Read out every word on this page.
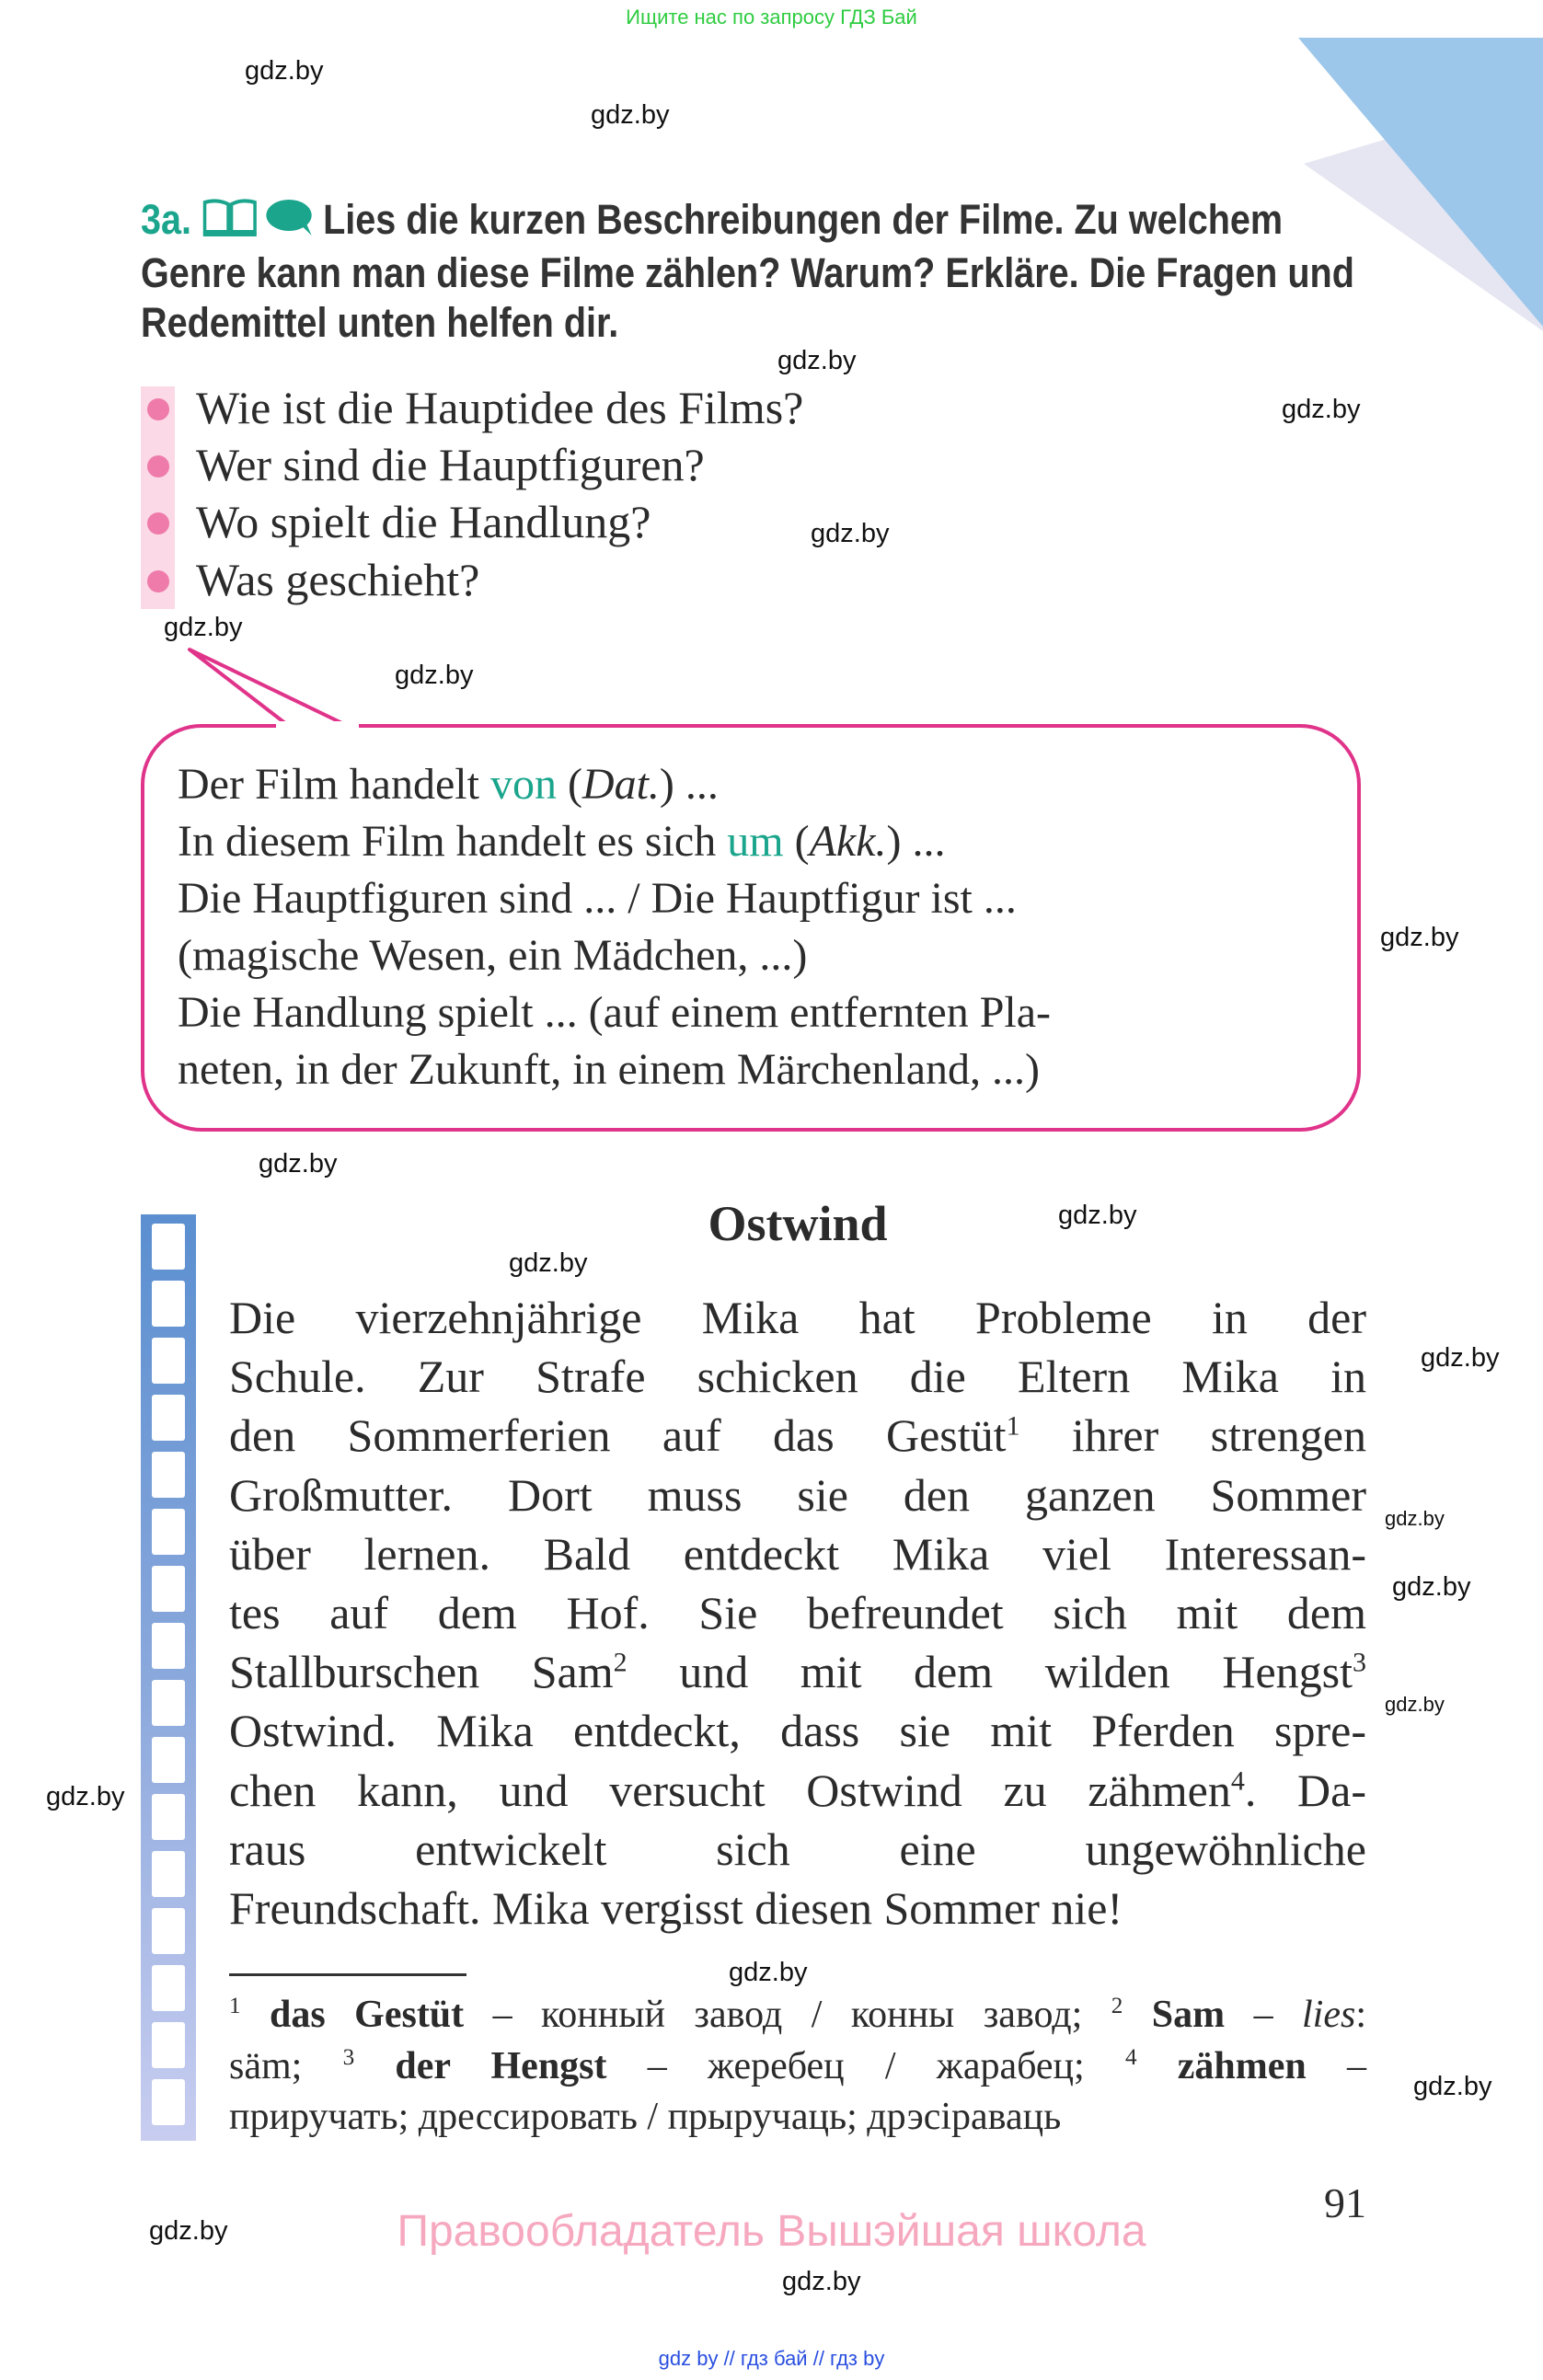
Ищите нас по запросу ГДЗ Бай
3a.	Lies die kurzen Beschreibungen der Filme. Zu welchem Genre kann man diese Filme zählen? Warum? Erkläre. Die Fragen und Redemittel unten helfen dir.
Wie ist die Hauptidee des Films?
Wer sind die Hauptfiguren?
Wo spielt die Handlung?
Was geschieht?
Der Film handelt von (Dat.) ...
In diesem Film handelt es sich um (Akk.) ...
Die Hauptfiguren sind ... / Die Hauptfigur ist ...
(magische Wesen, ein Mädchen, ...)
Die Handlung spielt ... (auf einem entfernten Pla-
neten, in der Zukunft, in einem Märchenland, ...)
Ostwind
Die vierzehnjährige Mika hat Probleme in der
Schule. Zur Strafe schicken die Eltern Mika in
den Sommerferien auf das Gestüt$^1$ ihrer strengen
Großmutter. Dort muss sie den ganzen Sommer
über lernen. Bald entdeckt Mika viel Interessan-
tes auf dem Hof. Sie befreundet sich mit dem
Stallburschen Sam$^2$ und mit dem wilden Hengst$^3$
Ostwind. Mika entdeckt, dass sie mit Pferden spre-
chen kann, und versucht Ostwind zu zähmen$^4$. Da-
raus entwickelt sich eine ungewöhnliche
Freundschaft. Mika vergisst diesen Sommer nie!
$^1$ das Gestüt – конный завод / конны завод; $^2$ Sam – lies:
säm; $^3$ der Hengst – жеребец / жарабец; $^4$ zähmen –
приручать; дрессировать / прыручаць; дрэсіраваць
91
Правообладатель Вышэйшая школа
gdz by // гдз бай // гдз by
gdz.by
gdz.by
gdz.by
gdz.by
gdz.by
gdz.by
gdz.by
gdz.by
gdz.by
gdz.by
gdz.by
gdz.by
gdz.by
gdz.by
gdz.by
gdz.by
gdz.by
gdz.by
gdz.by
gdz.by
